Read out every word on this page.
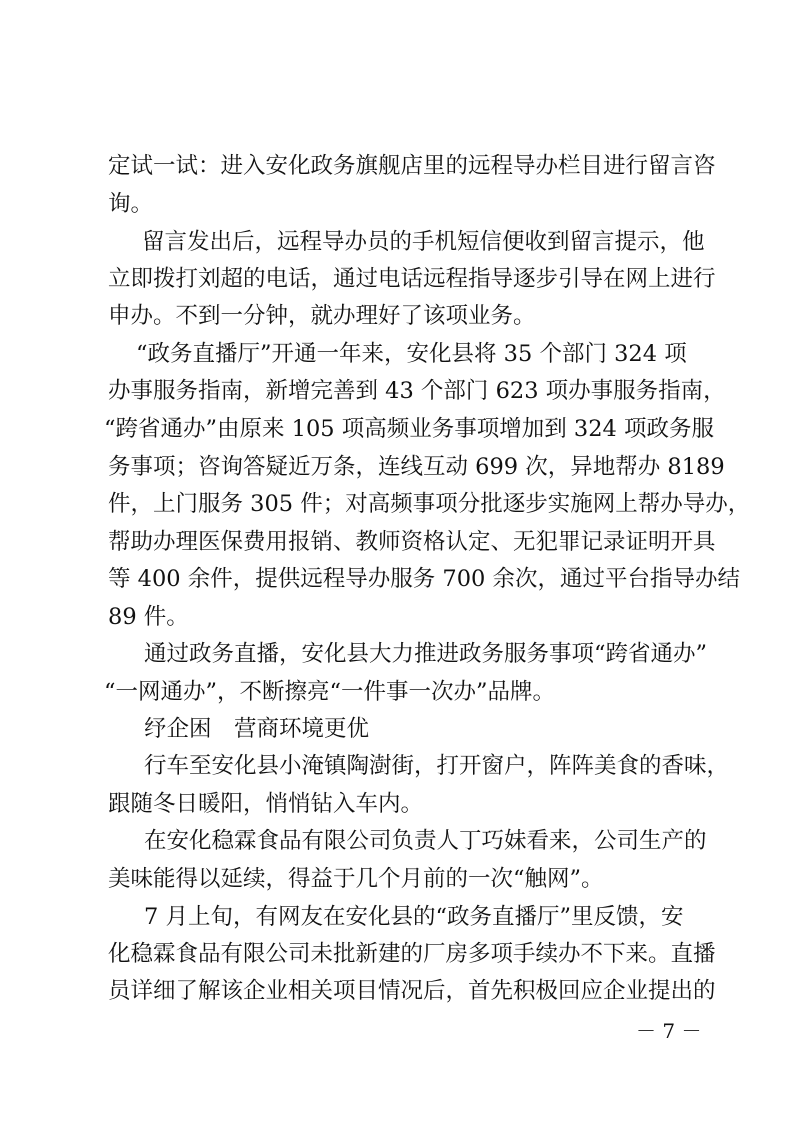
定试一试：进入安化政务旗舰店里的远程导办栏目进行留言咨
询。
留言发出后，远程导办员的手机短信便收到留言提示，他
立即拨打刘超的电话，通过电话远程指导逐步引导在网上进行
申办。不到一分钟，就办理好了该项业务。
“政务直播厅”开通一年来，安化县将 35 个部门 324 项
办事服务指南，新增完善到 43 个部门 623 项办事服务指南，
“跨省通办”由原来 105 项高频业务事项增加到 324 项政务服
务事项；咨询答疑近万条，连线互动 699 次，异地帮办 8189
件，上门服务 305 件；对高频事项分批逐步实施网上帮办导办，
帮助办理医保费用报销、教师资格认定、无犯罪记录证明开具
等 400 余件，提供远程导办服务 700 余次，通过平台指导办结
89 件。
通过政务直播，安化县大力推进政务服务事项“跨省通办”
“一网通办”，不断擦亮“一件事一次办”品牌。
纾企困　营商环境更优
行车至安化县小淹镇陶澍街，打开窗户，阵阵美食的香味，
跟随冬日暖阳，悄悄钻入车内。
在安化稳霖食品有限公司负责人丁巧妹看来，公司生产的
美味能得以延续，得益于几个月前的一次“触网”。
7 月上旬，有网友在安化县的“政务直播厅”里反馈，安
化稳霖食品有限公司未批新建的厂房多项手续办不下来。直播
员详细了解该企业相关项目情况后，首先积极回应企业提出的
－ 7 －
